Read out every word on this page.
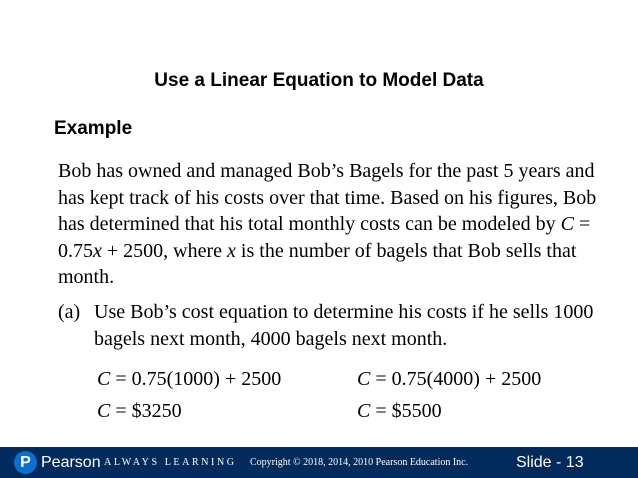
Use a Linear Equation to Model Data
Example
Bob has owned and managed Bob’s Bagels for the past 5 years and has kept track of his costs over that time. Based on his figures, Bob has determined that his total monthly costs can be modeled by C = 0.75x + 2500, where x is the number of bagels that Bob sells that month.
(a) Use Bob’s cost equation to determine his costs if he sells 1000 bagels next month, 4000 bagels next month.
C = 0.75(1000) + 2500	C = 0.75(4000) + 2500
C = $3250	C = $5500
P Pearson ALWAYS LEARNING Copyright © 2018, 2014, 2010 Pearson Education Inc.	Slide - 13
